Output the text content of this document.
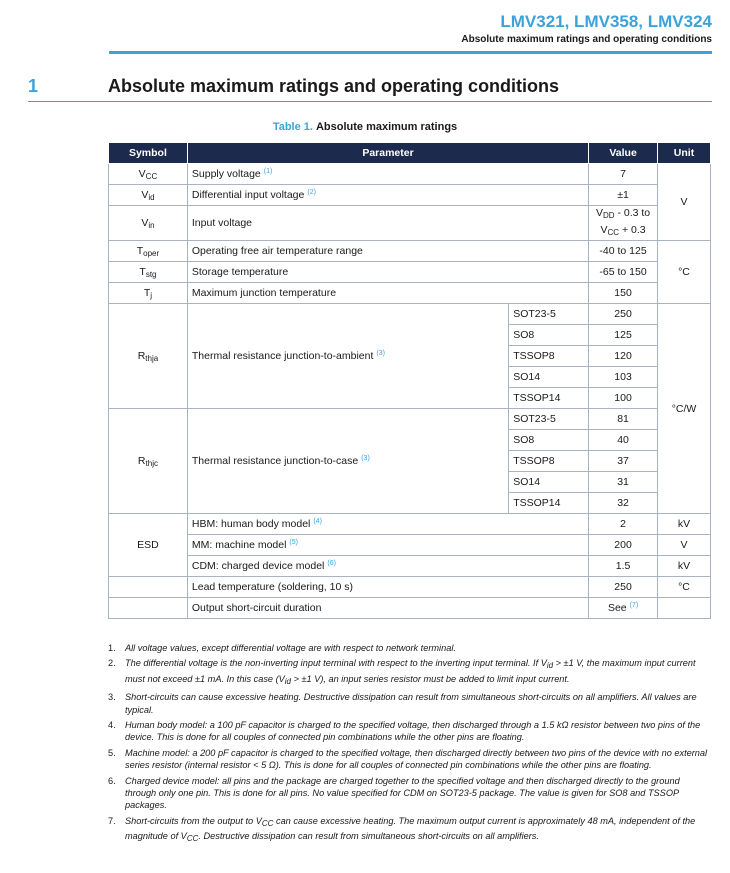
LMV321, LMV358, LMV324
Absolute maximum ratings and operating conditions
1	Absolute maximum ratings and operating conditions
Table 1. Absolute maximum ratings
Symbol	Parameter		Value	Unit
$V_{CC}$	Supply voltage $^{(1)}$		7	V
$V_{id}$	Differential input voltage $^{(2)}$		±1	
$V_{in}$	Input voltage		$V_{DD} - 0.3$ to
$V_{CC} + 0.3$	

$T_{oper}$	Operating free air temperature range		-40 to 125	°C
$T_{stg}$	Storage temperature		-65 to 150	
$T_j$	Maximum junction temperature		150	
$R_{thja}$	Thermal resistance junction-to-ambient $^{(3)}$	SOT23-5	250	°C/W
		SO8	125	
		TSSOP8	120	
		SO14	103	
		TSSOP14	100	
$R_{thjc}$	Thermal resistance junction-to-case $^{(3)}$	SOT23-5	81	
		SO8	40	
		TSSOP8	37	
		SO14	31	
		TSSOP14	32	
ESD	HBM: human body model $^{(4)}$		2	kV
	MM: machine model $^{(5)}$		200	V
	CDM: charged device model $^{(6)}$		1.5	kV
	Lead temperature (soldering, 10 s)		250	°C
	Output short-circuit duration		See $^{(7)}$	
1. All voltage values, except differential voltage are with respect to network terminal.
2. The differential voltage is the non-inverting input terminal with respect to the inverting input terminal. If $V_{id} > \pm 1$ V, the maximum input current must not exceed ±1 mA. In this case ($V_{id} > \pm 1$ V), an input series resistor must be added to limit input current.
3. Short-circuits can cause excessive heating. Destructive dissipation can result from simultaneous short-circuits on all amplifiers. All values are typical.
4. Human body model: a 100 pF capacitor is charged to the specified voltage, then discharged through a 1.5 kΩ resistor between two pins of the device. This is done for all couples of connected pin combinations while the other pins are floating.
5. Machine model: a 200 pF capacitor is charged to the specified voltage, then discharged directly between two pins of the device with no external series resistor (internal resistor < 5 Ω). This is done for all couples of connected pin combinations while the other pins are floating.
6. Charged device model: all pins and the package are charged together to the specified voltage and then discharged directly to the ground through only one pin. This is done for all pins. No value specified for CDM on SOT23-5 package. The value is given for SO8 and TSSOP packages.
7. Short-circuits from the output to $V_{CC}$ can cause excessive heating. The maximum output current is approximately 48 mA, independent of the magnitude of $V_{CC}$. Destructive dissipation can result from simultaneous short-circuits on all amplifiers.
